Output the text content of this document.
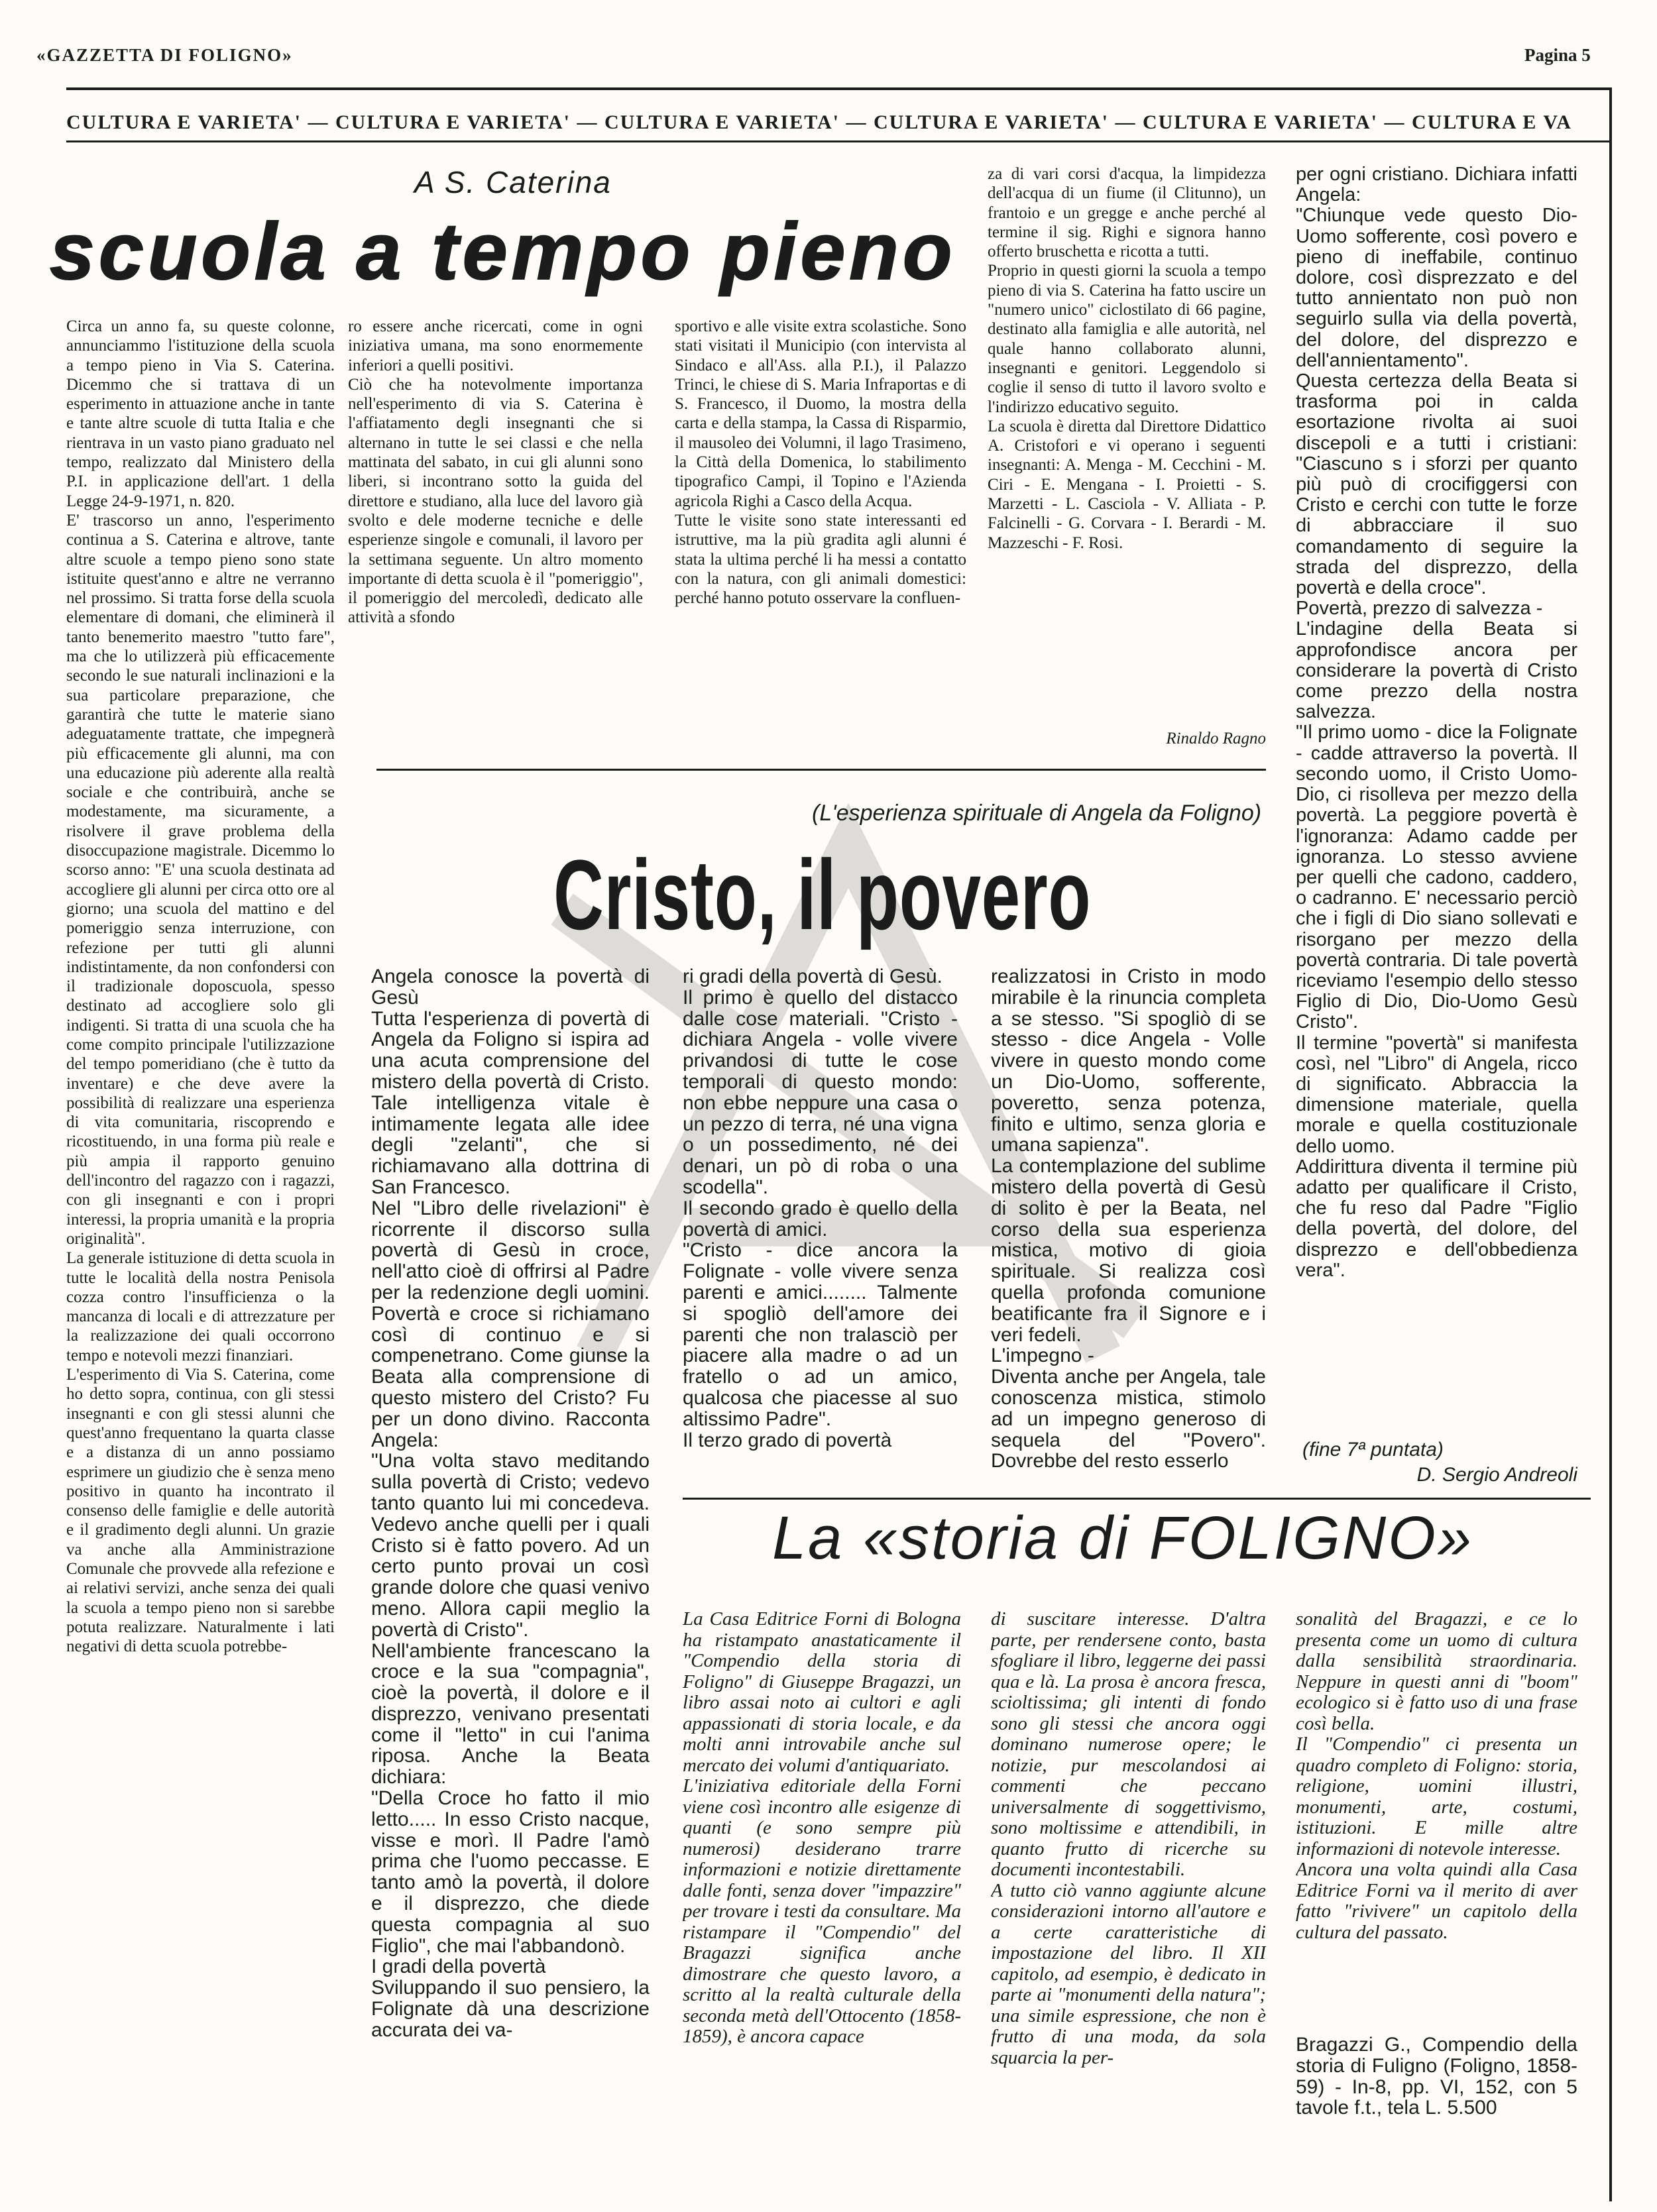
«GAZZETTA DI FOLIGNO»	Pagina 5
CULTURA E VARIETA' — CULTURA E VARIETA' — CULTURA E VARIETA' — CULTURA E VARIETA' — CULTURA E VARIETA' — CULTURA E VA
A S. Caterina
scuola a tempo pieno
Circa un anno fa, su queste colonne, annunciammo l'istituzione della scuola a tempo pieno in Via S. Caterina. Dicemmo che si trattava di un esperimento in attuazione anche in tante e tante altre scuole di tutta Italia e che rientrava in un vasto piano graduato nel tempo, realizzato dal Ministero della P.I. in applicazione dell'art. 1 della Legge 24-9-1971, n. 820.
E' trascorso un anno, l'esperimento continua a S. Caterina e altrove, tante altre scuole a tempo pieno sono state istituite quest'anno e altre ne verranno nel prossimo. Si tratta forse della scuola elementare di domani, che eliminerà il tanto benemerito maestro "tutto fare", ma che lo utilizzerà più efficacemente secondo le sue naturali inclinazioni e la sua particolare preparazione, che garantirà che tutte le materie siano adeguatamente trattate, che impegnerà più efficacemente gli alunni, ma con una educazione più aderente alla realtà sociale e che contribuirà, anche se modestamente, ma sicuramente, a risolvere il grave problema della disoccupazione magistrale. Dicemmo lo scorso anno: "E' una scuola destinata ad accogliere gli alunni per circa otto ore al giorno; una scuola del mattino e del pomeriggio senza interruzione, con refezione per tutti gli alunni indistintamente, da non confondersi con il tradizionale doposcuola, spesso destinato ad accogliere solo gli indigenti. Si tratta di una scuola che ha come compito principale l'utilizzazione del tempo pomeridiano (che è tutto da inventare) e che deve avere la possibilità di realizzare una esperienza di vita comunitaria, riscoprendo e ricostituendo, in una forma più reale e più ampia il rapporto genuino dell'incontro del ragazzo con i ragazzi, con gli insegnanti e con i propri interessi, la propria umanità e la propria originalità".
La generale istituzione di detta scuola in tutte le località della nostra Penisola cozza contro l'insufficienza o la mancanza di locali e di attrezzature per la realizzazione dei quali occorrono tempo e notevoli mezzi finanziari.
L'esperimento di Via S. Caterina, come ho detto sopra, continua, con gli stessi insegnanti e con gli stessi alunni che quest'anno frequentano la quarta classe e a distanza di un anno possiamo esprimere un giudizio che è senza meno positivo in quanto ha incontrato il consenso delle famiglie e delle autorità e il gradimento degli alunni. Un grazie va anche alla Amministrazione Comunale che provvede alla refezione e ai relativi servizi, anche senza dei quali la scuola a tempo pieno non si sarebbe potuta realizzare. Naturalmente i lati negativi di detta scuola potrebbe-
ro essere anche ricercati, come in ogni iniziativa umana, ma sono enormemente inferiori a quelli positivi.
Ciò che ha notevolmente importanza nell'esperimento di via S. Caterina è l'affiatamento degli insegnanti che si alternano in tutte le sei classi e che nella mattinata del sabato, in cui gli alunni sono liberi, si incontrano sotto la guida del direttore e studiano, alla luce del lavoro già svolto e dele moderne tecniche e delle esperienze singole e comunali, il lavoro per la settimana seguente. Un altro momento importante di detta scuola è il "pomeriggio", il pomeriggio del mercoledì, dedicato alle attività a sfondo
sportivo e alle visite extra scolastiche. Sono stati visitati il Municipio (con intervista al Sindaco e all'Ass. alla P.I.), il Palazzo Trinci, le chiese di S. Maria Infraportas e di S. Francesco, il Duomo, la mostra della carta e della stampa, la Cassa di Risparmio, il mausoleo dei Volumni, il lago Trasimeno, la Città della Domenica, lo stabilimento tipografico Campi, il Topino e l'Azienda agricola Righi a Casco della Acqua.
Tutte le visite sono state interessanti ed istruttive, ma la più gradita agli alunni é stata la ultima perché li ha messi a contatto con la natura, con gli animali domestici: perché hanno potuto osservare la confluen-
za di vari corsi d'acqua, la limpidezza dell'acqua di un fiume (il Clitunno), un frantoio e un gregge e anche perché al termine il sig. Righi e signora hanno offerto bruschetta e ricotta a tutti.
Proprio in questi giorni la scuola a tempo pieno di via S. Caterina ha fatto uscire un "numero unico" ciclostilato di 66 pagine, destinato alla famiglia e alle autorità, nel quale hanno collaborato alunni, insegnanti e genitori. Leggendolo si coglie il senso di tutto il lavoro svolto e l'indirizzo educativo seguito.
La scuola è diretta dal Direttore Didattico A. Cristofori e vi operano i seguenti insegnanti: A. Menga - M. Cecchini - M. Ciri - E. Mengana - I. Proietti - S. Marzetti - L. Casciola - V. Alliata - P. Falcinelli - G. Corvara - I. Berardi - M. Mazzeschi - F. Rosi.
Rinaldo Ragno
(L'esperienza spirituale di Angela da Foligno)
Cristo, il povero
per ogni cristiano. Dichiara infatti Angela:
"Chiunque vede questo Dio-Uomo sofferente, così povero e pieno di ineffabile, continuo dolore, così disprezzato e del tutto annientato non può non seguirlo sulla via della povertà, del dolore, del disprezzo e dell'annientamento".
Questa certezza della Beata si trasforma poi in calda esortazione rivolta ai suoi discepoli e a tutti i cristiani: "Ciascuno s i sforzi per quanto più può di crocifiggersi con Cristo e cerchi con tutte le forze di abbracciare il suo comandamento di seguire la strada del disprezzo, della povertà e della croce".
Povertà, prezzo di salvezza -
L'indagine della Beata si approfondisce ancora per considerare la povertà di Cristo come prezzo della nostra salvezza.
"Il primo uomo - dice la Folignate - cadde attraverso la povertà. Il secondo uomo, il Cristo Uomo-Dio, ci risolleva per mezzo della povertà. La peggiore povertà è l'ignoranza: Adamo cadde per ignoranza. Lo stesso avviene per quelli che cadono, caddero, o cadranno. E' necessario perciò che i figli di Dio siano sollevati e risorgano per mezzo della povertà contraria. Di tale povertà riceviamo l'esempio dello stesso Figlio di Dio, Dio-Uomo Gesù Cristo".
Il termine "povertà" si manifesta così, nel "Libro" di Angela, ricco di significato. Abbraccia la dimensione materiale, quella morale e quella costituzionale dello uomo.
Addirittura diventa il termine più adatto per qualificare il Cristo, che fu reso dal Padre "Figlio della povertà, del dolore, del disprezzo e dell'obbedienza vera".
(fine 7ª puntata)
D. Sergio Andreoli
Angela conosce la povertà di Gesù
Tutta l'esperienza di povertà di Angela da Foligno si ispira ad una acuta comprensione del mistero della povertà di Cristo. Tale intelligenza vitale è intimamente legata alle idee degli "zelanti", che si richiamavano alla dottrina di San Francesco.
Nel "Libro delle rivelazioni" è ricorrente il discorso sulla povertà di Gesù in croce, nell'atto cioè di offrirsi al Padre per la redenzione degli uomini. Povertà e croce si richiamano così di continuo e si compenetrano. Come giunse la Beata alla comprensione di questo mistero del Cristo? Fu per un dono divino. Racconta Angela:
"Una volta stavo meditando sulla povertà di Cristo; vedevo tanto quanto lui mi concedeva. Vedevo anche quelli per i quali Cristo si è fatto povero. Ad un certo punto provai un così grande dolore che quasi venivo meno. Allora capii meglio la povertà di Cristo".
Nell'ambiente francescano la croce e la sua "compagnia", cioè la povertà, il dolore e il disprezzo, venivano presentati come il "letto" in cui l'anima riposa. Anche la Beata dichiara:
"Della Croce ho fatto il mio letto..... In esso Cristo nacque, visse e morì. Il Padre l'amò prima che l'uomo peccasse. E tanto amò la povertà, il dolore e il disprezzo, che diede questa compagnia al suo Figlio", che mai l'abbandonò.
I gradi della povertà
Sviluppando il suo pensiero, la Folignate dà una descrizione accurata dei va-
ri gradi della povertà di Gesù.
Il primo è quello del distacco dalle cose materiali. "Cristo - dichiara Angela - volle vivere privandosi di tutte le cose temporali di questo mondo: non ebbe neppure una casa o un pezzo di terra, né una vigna o un possedimento, né dei denari, un pò di roba o una scodella".
Il secondo grado è quello della povertà di amici.
"Cristo - dice ancora la Folignate - volle vivere senza parenti e amici........ Talmente si spogliò dell'amore dei parenti che non tralasciò per piacere alla madre o ad un fratello o ad un amico, qualcosa che piacesse al suo altissimo Padre".
Il terzo grado di povertà
realizzatosi in Cristo in modo mirabile è la rinuncia completa a se stesso. "Si spogliò di se stesso - dice Angela - Volle vivere in questo mondo come un Dio-Uomo, sofferente, poveretto, senza potenza, finito e ultimo, senza gloria e umana sapienza".
La contemplazione del sublime mistero della povertà di Gesù di solito è per la Beata, nel corso della sua esperienza mistica, motivo di gioia spirituale. Si realizza così quella profonda comunione beatificante fra il Signore e i veri fedeli.
L'impegno -
Diventa anche per Angela, tale conoscenza mistica, stimolo ad un impegno generoso di sequela del "Povero". Dovrebbe del resto esserlo
La «storia di FOLIGNO»
La Casa Editrice Forni di Bologna ha ristampato anastaticamente il "Compendio della storia di Foligno" di Giuseppe Bragazzi, un libro assai noto ai cultori e agli appassionati di storia locale, e da molti anni introvabile anche sul mercato dei volumi d'antiquariato.
L'iniziativa editoriale della Forni viene così incontro alle esigenze di quanti (e sono sempre più numerosi) desiderano trarre informazioni e notizie direttamente dalle fonti, senza dover "impazzire" per trovare i testi da consultare. Ma ristampare il "Compendio" del Bragazzi significa anche dimostrare che questo lavoro, a scritto al la realtà culturale della seconda metà dell'Ottocento (1858-1859), è ancora capace
di suscitare interesse. D'altra parte, per rendersene conto, basta sfogliare il libro, leggerne dei passi qua e là. La prosa è ancora fresca, scioltissima; gli intenti di fondo sono gli stessi che ancora oggi dominano numerose opere; le notizie, pur mescolandosi ai commenti che peccano universalmente di soggettivismo, sono moltissime e attendibili, in quanto frutto di ricerche su documenti incontestabili.
A tutto ciò vanno aggiunte alcune considerazioni intorno all'autore e a certe caratteristiche di impostazione del libro. Il XII capitolo, ad esempio, è dedicato in parte ai "monumenti della natura"; una simile espressione, che non è frutto di una moda, da sola squarcia la per-
sonalità del Bragazzi, e ce lo presenta come un uomo di cultura dalla sensibilità straordinaria. Neppure in questi anni di "boom" ecologico si è fatto uso di una frase così bella.
Il "Compendio" ci presenta un quadro completo di Foligno: storia, religione, uomini illustri, monumenti, arte, costumi, istituzioni. E mille altre informazioni di notevole interesse.
Ancora una volta quindi alla Casa Editrice Forni va il merito di aver fatto "rivivere" un capitolo della cultura del passato.
Bragazzi G., Compendio della storia di Fuligno (Foligno, 1858-59) - In-8, pp. VI, 152, con 5 tavole f.t., tela L. 5.500
